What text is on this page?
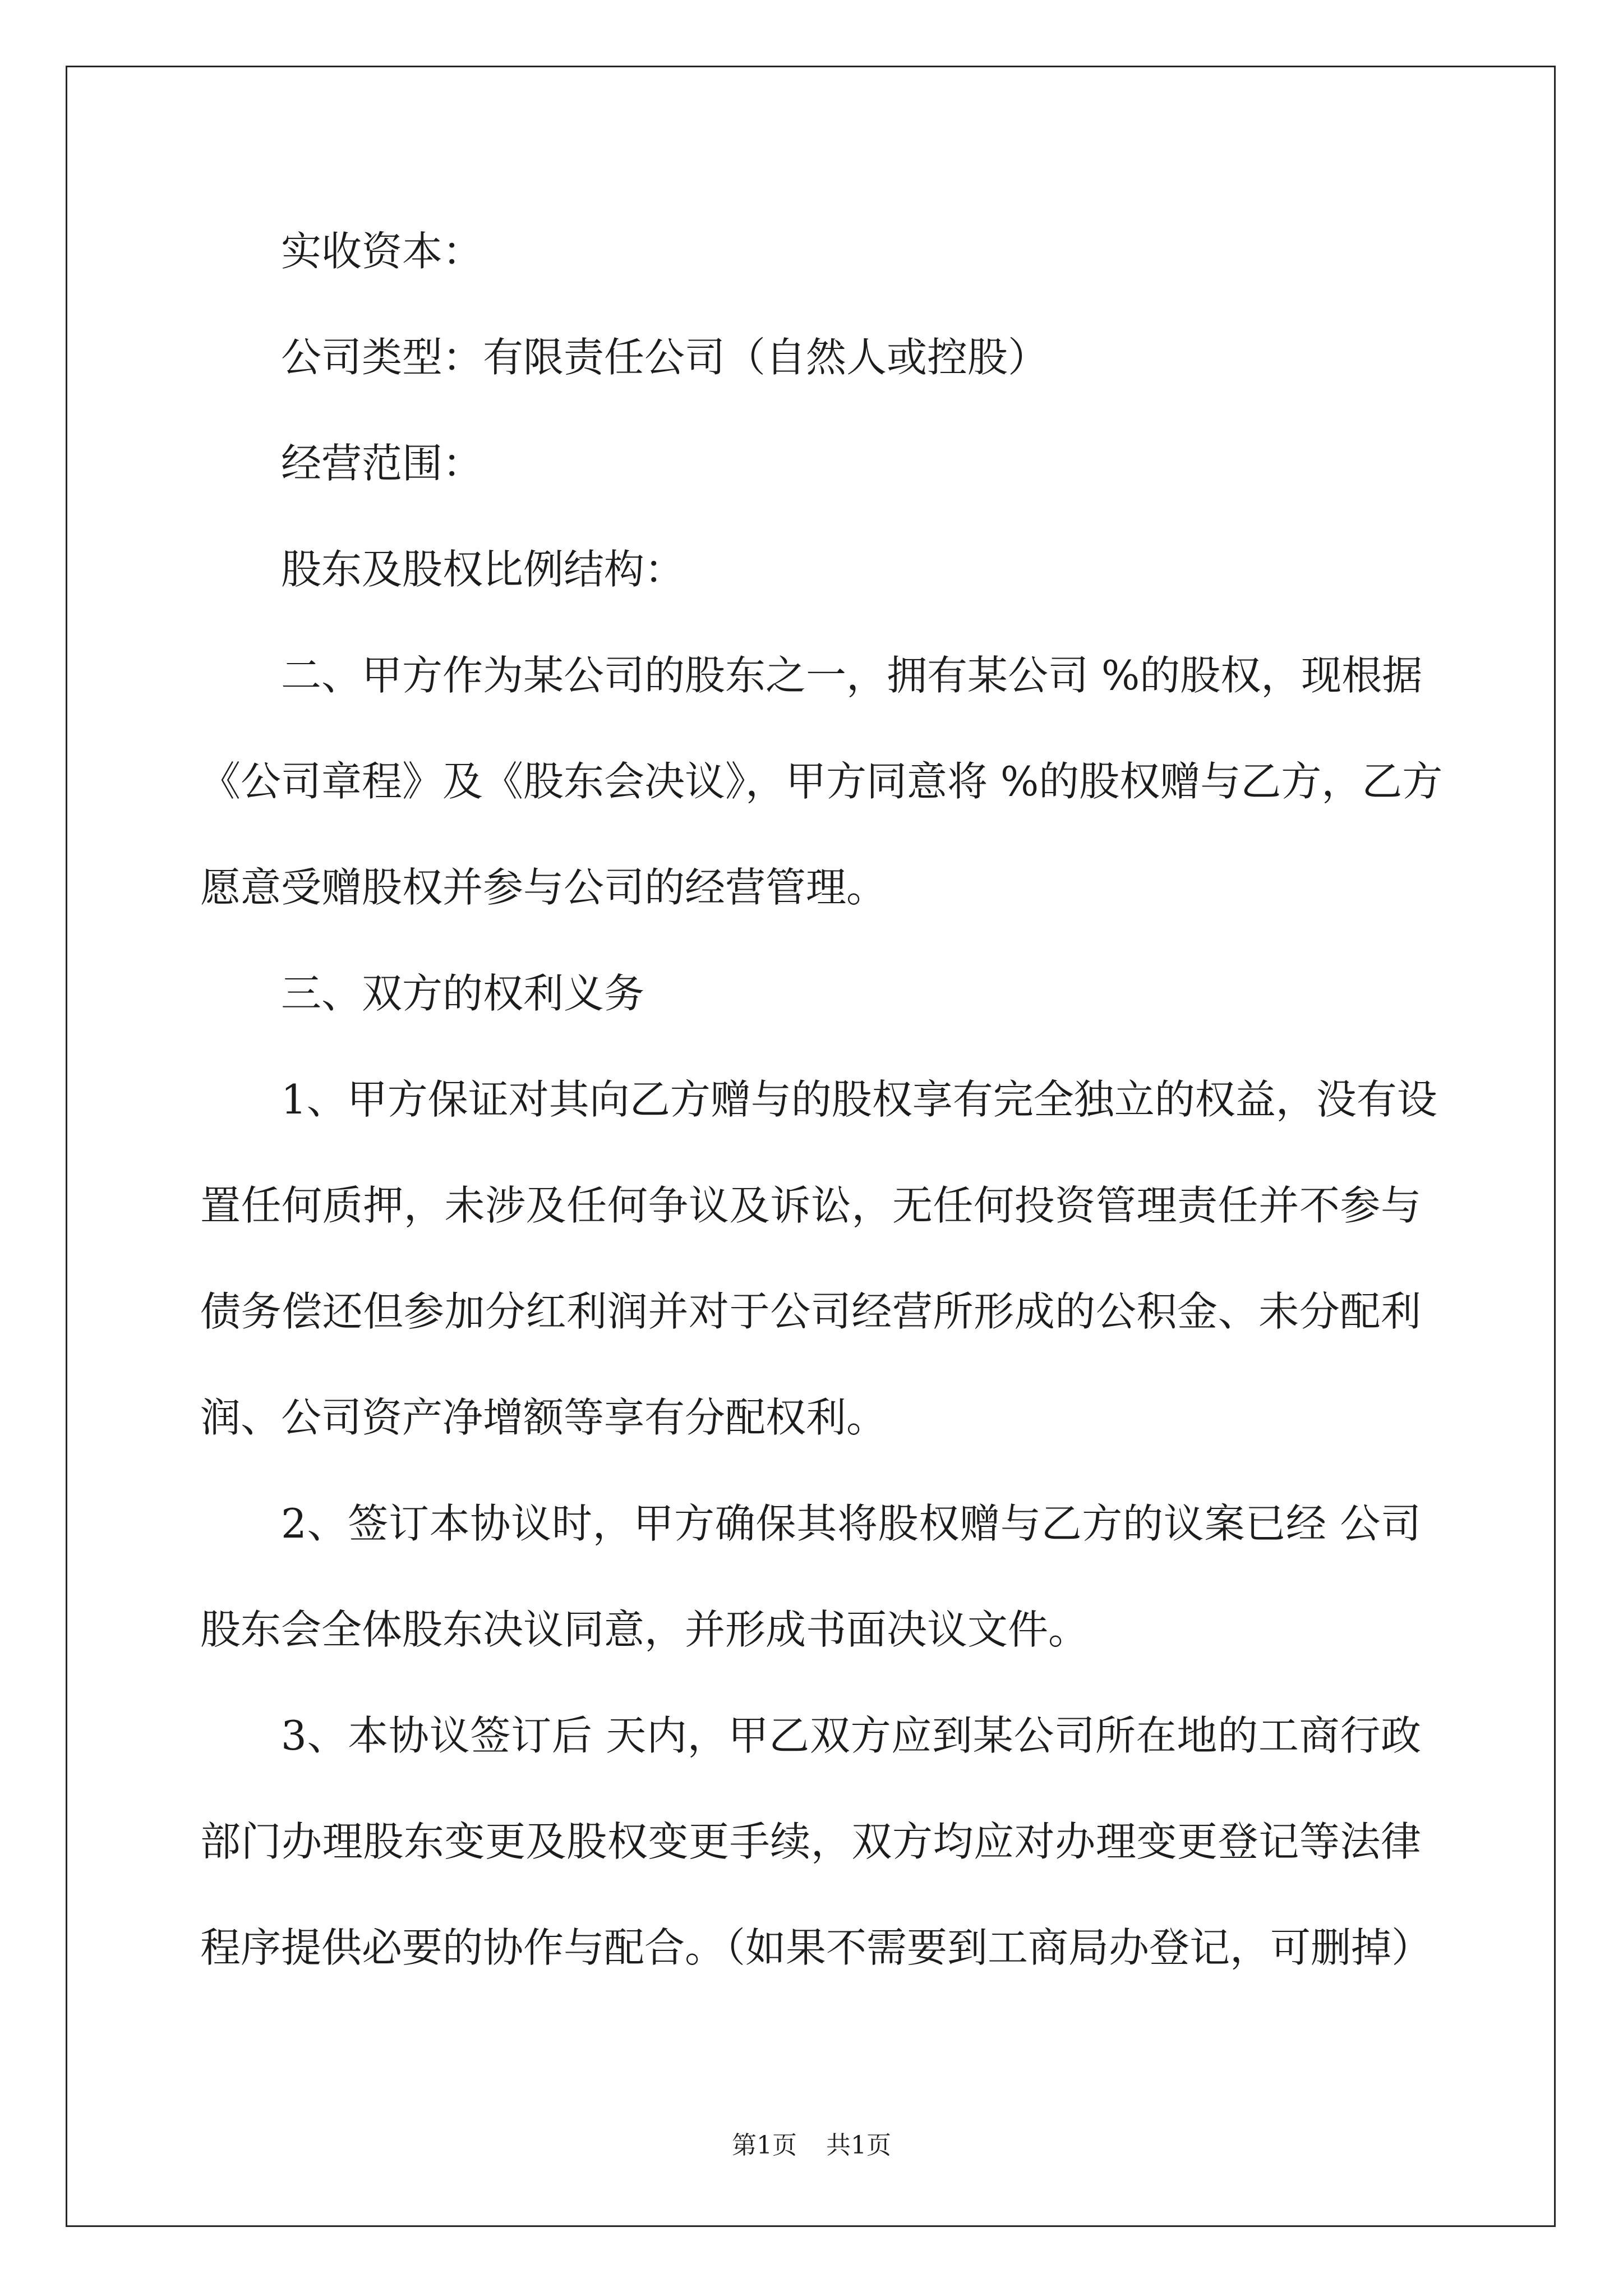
实收资本：
公司类型：有限责任公司（自然人或控股）
经营范围：
股东及股权比例结构：
二、甲方作为某公司的股东之一，拥有某公司 %的股权，现根据
《公司章程》及《股东会决议》，甲方同意将 %的股权赠与乙方，乙方
愿意受赠股权并参与公司的经营管理。
三、双方的权利义务
1、甲方保证对其向乙方赠与的股权享有完全独立的权益，没有设
置任何质押，未涉及任何争议及诉讼，无任何投资管理责任并不参与
债务偿还但参加分红利润并对于公司经营所形成的公积金、未分配利
润、公司资产净增额等享有分配权利。
2、签订本协议时，甲方确保其将股权赠与乙方的议案已经 公司
股东会全体股东决议同意，并形成书面决议文件。
3、本协议签订后 天内，甲乙双方应到某公司所在地的工商行政
部门办理股东变更及股权变更手续，双方均应对办理变更登记等法律
程序提供必要的协作与配合。（如果不需要到工商局办登记，可删掉）
第1页 共1页
